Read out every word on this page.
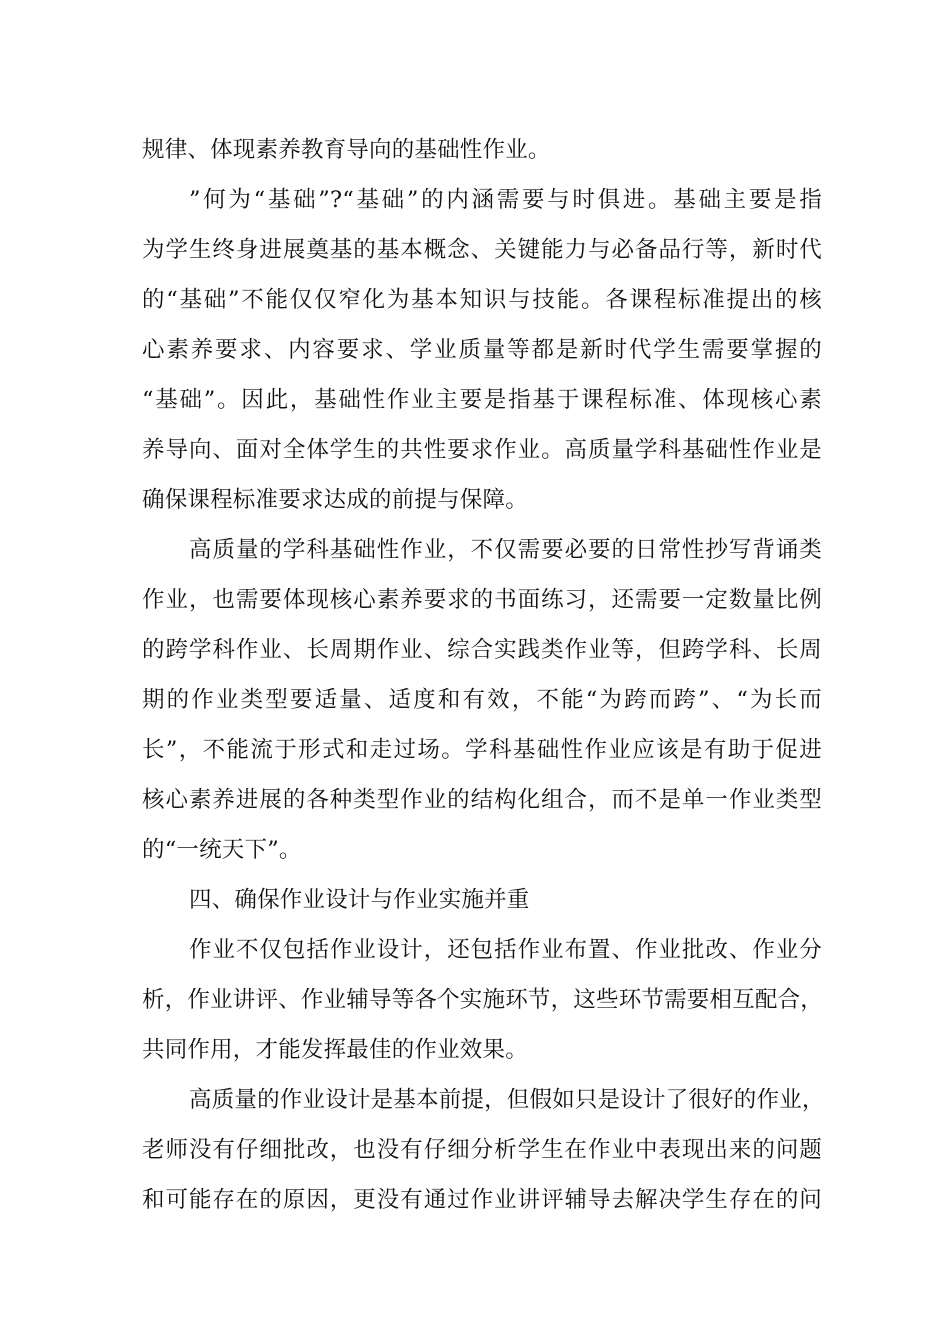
规律、体现素养教育导向的基础性作业。
”何为“基础”?“基础”的内涵需要与时俱进。基础主要是指
为学生终身进展奠基的基本概念、关键能力与必备品行等，新时代
的“基础”不能仅仅窄化为基本知识与技能。各课程标准提出的核
心素养要求、内容要求、学业质量等都是新时代学生需要掌握的
“基础”。因此，基础性作业主要是指基于课程标准、体现核心素
养导向、面对全体学生的共性要求作业。高质量学科基础性作业是
确保课程标准要求达成的前提与保障。
高质量的学科基础性作业，不仅需要必要的日常性抄写背诵类
作业，也需要体现核心素养要求的书面练习，还需要一定数量比例
的跨学科作业、长周期作业、综合实践类作业等，但跨学科、长周
期的作业类型要适量、适度和有效，不能“为跨而跨”、“为长而
长”，不能流于形式和走过场。学科基础性作业应该是有助于促进
核心素养进展的各种类型作业的结构化组合，而不是单一作业类型
的“一统天下”。
四、确保作业设计与作业实施并重
作业不仅包括作业设计，还包括作业布置、作业批改、作业分
析，作业讲评、作业辅导等各个实施环节，这些环节需要相互配合，
共同作用，才能发挥最佳的作业效果。
高质量的作业设计是基本前提，但假如只是设计了很好的作业，
老师没有仔细批改，也没有仔细分析学生在作业中表现出来的问题
和可能存在的原因，更没有通过作业讲评辅导去解决学生存在的问
